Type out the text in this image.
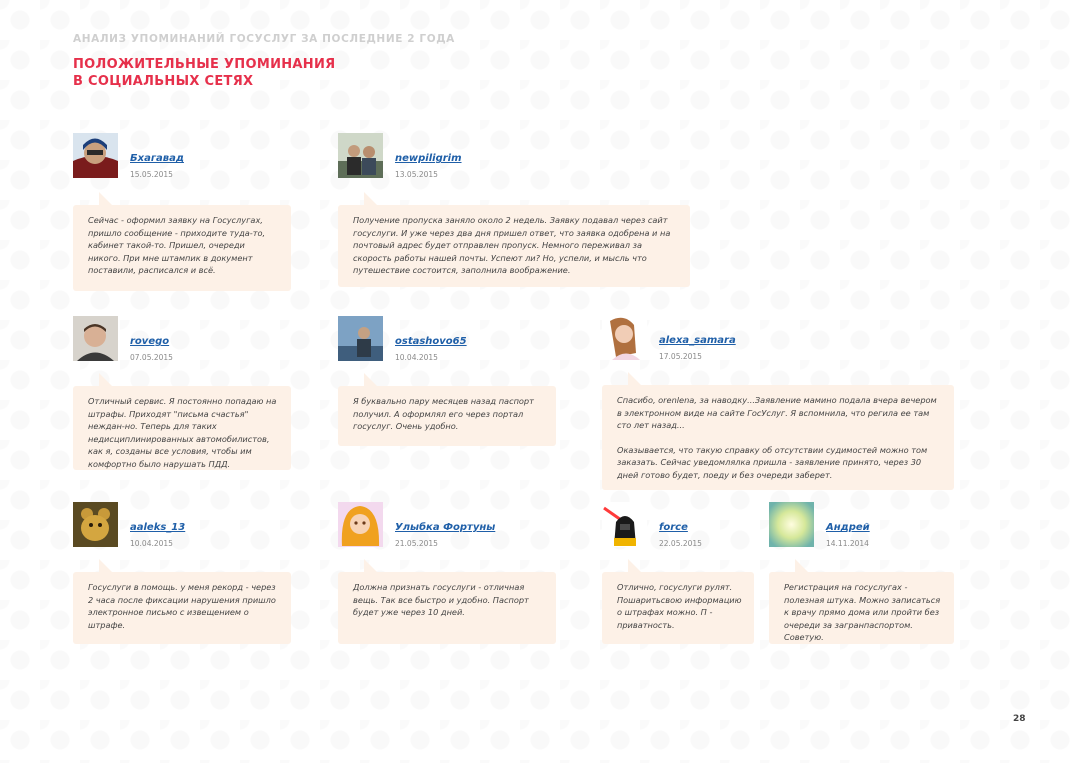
АНАЛИЗ УПОМИНАНИЙ ГОСУСЛУГ ЗА ПОСЛЕДНИЕ 2 ГОДА
ПОЛОЖИТЕЛЬНЫЕ УПОМИНАНИЯ
В СОЦИАЛЬНЫХ СЕТЯХ
Бхагавад
15.05.2015

Сейчас - оформил заявку на Госуслугах, пришло сообщение - приходите туда-то, кабинет такой-то. Пришел, очереди никого. При мне штампик в документ поставили, расписался и всё.

newpiligrim
13.05.2015

Получение пропуска заняло около 2 недель. Заявку подавал через сайт госуслуги. И уже через два дня пришел ответ, что заявка одобрена и на почтовый адрес будет отправлен пропуск. Немного переживал за скорость работы нашей почты. Успеют ли? Но, успели, и мысль что путешествие состоится, заполнила воображение.

rovego
07.05.2015

Отличный сервис. Я постоянно попадаю на штрафы. Приходят "письма счастья" неждан-но. Теперь для таких недисциплинированных автомобилистов, как я, созданы все условия, чтобы им комфортно было нарушать ПДД.

ostashovo65
10.04.2015

Я буквально пару месяцев назад паспорт получил. А оформлял его через портал госуслуг. Очень удобно.

alexa_samara
17.05.2015

Спасибо, orenlena, за наводку...Заявление мамино подала вчера вечером в электронном виде на сайте ГосУслуг. Я вспомнила, что регила ее там сто лет назад...

Оказывается, что такую справку об отсутствии судимостей можно том заказать. Сейчас уведомлялка пришла - заявление принято, через 30 дней готово будет, поеду и без очереди заберет.

aaleks_13
10.04.2015

Госуслуги в помощь. у меня рекорд - через 2 часа после фиксации нарушения пришло электронное письмо с извещением о штрафе.

Улыбка Фортуны
21.05.2015

Должна признать госуслуги - отличная вещь. Так все быстро и удобно. Паспорт будет уже через 10 дней.

force
22.05.2015

Отлично, госуслуги рулят. Пошаритьсвою информацию о штрафах можно. П - приватность.

Андрей
14.11.2014

Регистрация на госуслугах - полезная штука. Можно записаться к врачу прямо дома или пройти без очереди за загранпаспортом. Советую.

28
